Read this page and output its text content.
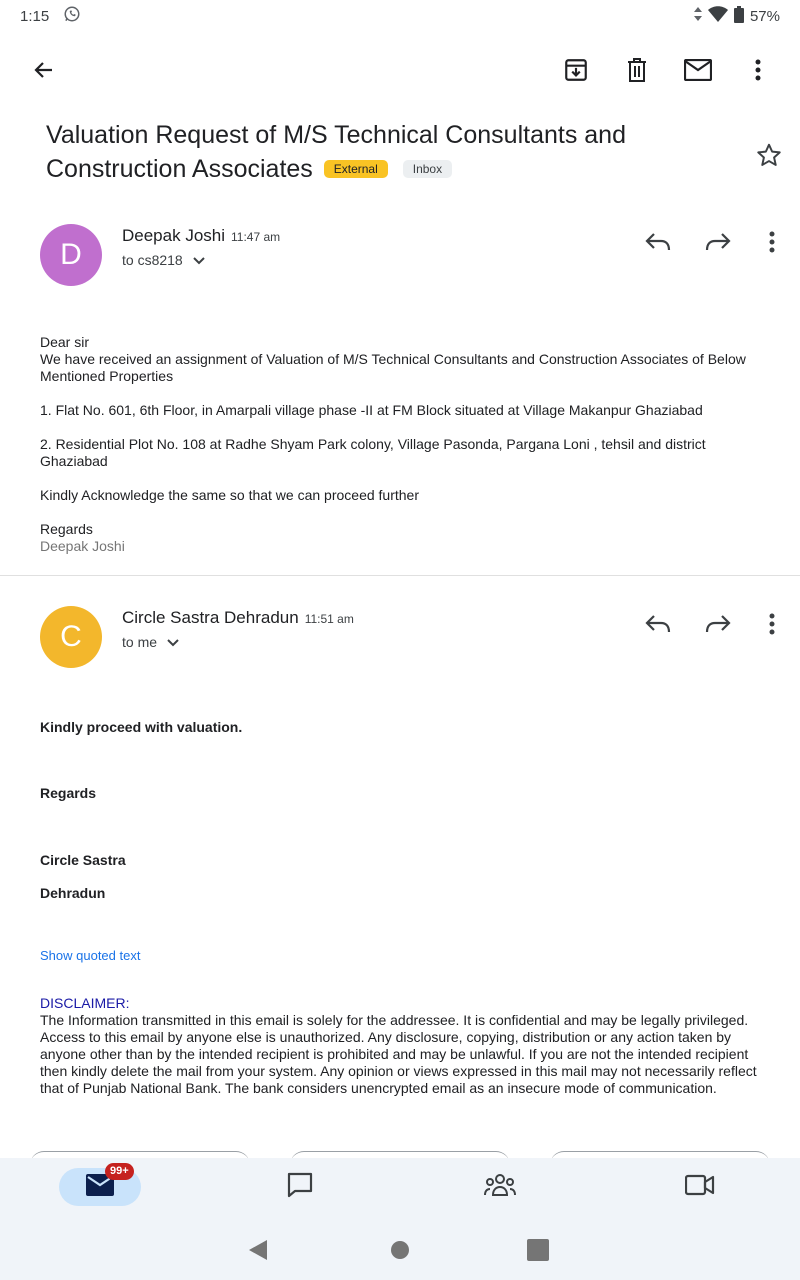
1:15	57%
Valuation Request of M/S Technical Consultants and Construction Associates External	Inbox
D
Deepak Joshi 11:47 am
to cs8218

Dear sir

We have received an assignment of Valuation of M/S Technical Consultants and Construction Associates of Below Mentioned Properties

1. Flat No. 601, 6th Floor, in Amarpali village phase -II at FM Block situated at Village Makanpur Ghaziabad

2. Residential Plot No. 108 at Radhe Shyam Park colony, Village Pasonda, Pargana Loni , tehsil and district Ghaziabad

Kindly Acknowledge the same so that we can proceed further

Regards

Deepak Joshi

C
Circle Sastra Dehradun 11:51 am
to me
Kindly proceed with valuation.
Regards
Circle Sastra
Dehradun
Show quoted text
DISCLAIMER:
The Information transmitted in this email is solely for the addressee. It is confidential and may be legally privileged. Access to this email by anyone else is unauthorized. Any disclosure, copying, distribution or any action taken by anyone other than by the intended recipient is prohibited and may be unlawful. If you are not the intended recipient then kindly delete the mail from your system. Any opinion or views expressed in this mail may not necessarily reflect that of Punjab National Bank. The bank considers unencrypted email as an insecure mode of communication.
99+
